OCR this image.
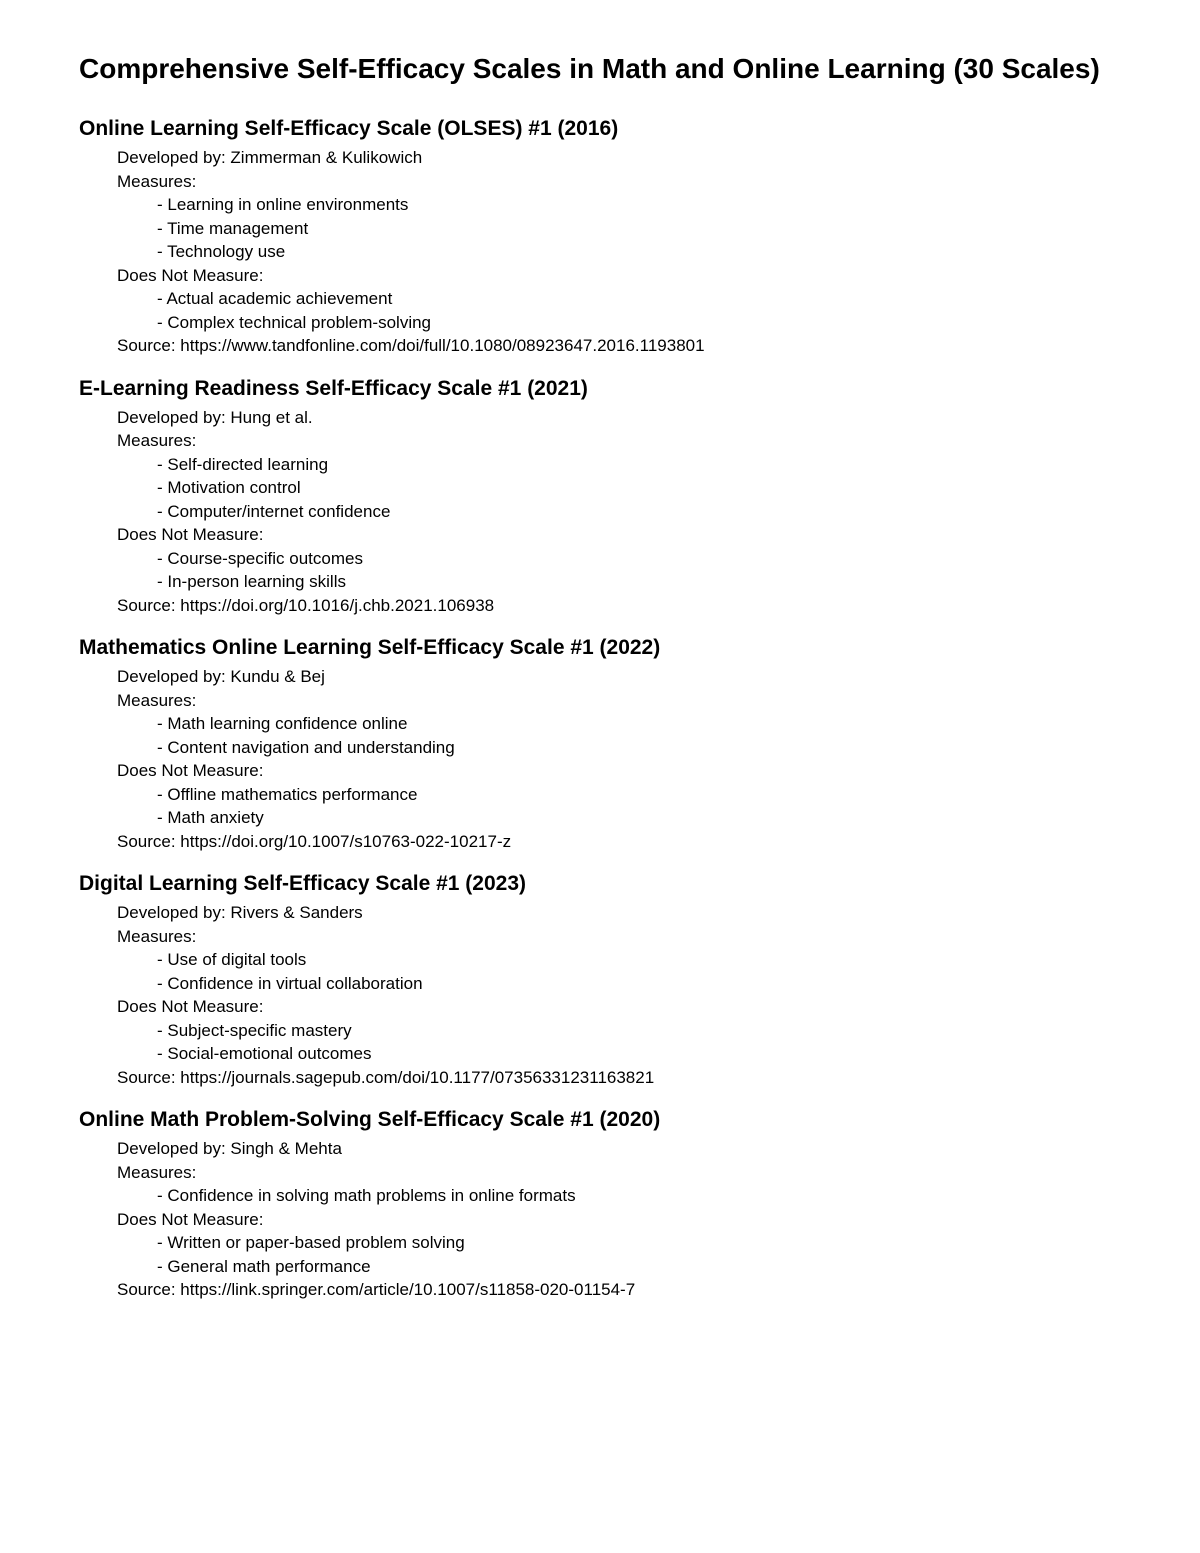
Comprehensive Self-Efficacy Scales in Math and Online Learning (30 Scales)
Online Learning Self-Efficacy Scale (OLSES) #1 (2016)
Developed by: Zimmerman & Kulikowich
Measures:
- Learning in online environments
- Time management
- Technology use
Does Not Measure:
- Actual academic achievement
- Complex technical problem-solving
Source: https://www.tandfonline.com/doi/full/10.1080/08923647.2016.1193801
E-Learning Readiness Self-Efficacy Scale #1 (2021)
Developed by: Hung et al.
Measures:
- Self-directed learning
- Motivation control
- Computer/internet confidence
Does Not Measure:
- Course-specific outcomes
- In-person learning skills
Source: https://doi.org/10.1016/j.chb.2021.106938
Mathematics Online Learning Self-Efficacy Scale #1 (2022)
Developed by: Kundu & Bej
Measures:
- Math learning confidence online
- Content navigation and understanding
Does Not Measure:
- Offline mathematics performance
- Math anxiety
Source: https://doi.org/10.1007/s10763-022-10217-z
Digital Learning Self-Efficacy Scale #1 (2023)
Developed by: Rivers & Sanders
Measures:
- Use of digital tools
- Confidence in virtual collaboration
Does Not Measure:
- Subject-specific mastery
- Social-emotional outcomes
Source: https://journals.sagepub.com/doi/10.1177/07356331231163821
Online Math Problem-Solving Self-Efficacy Scale #1 (2020)
Developed by: Singh & Mehta
Measures:
- Confidence in solving math problems in online formats
Does Not Measure:
- Written or paper-based problem solving
- General math performance
Source: https://link.springer.com/article/10.1007/s11858-020-01154-7
